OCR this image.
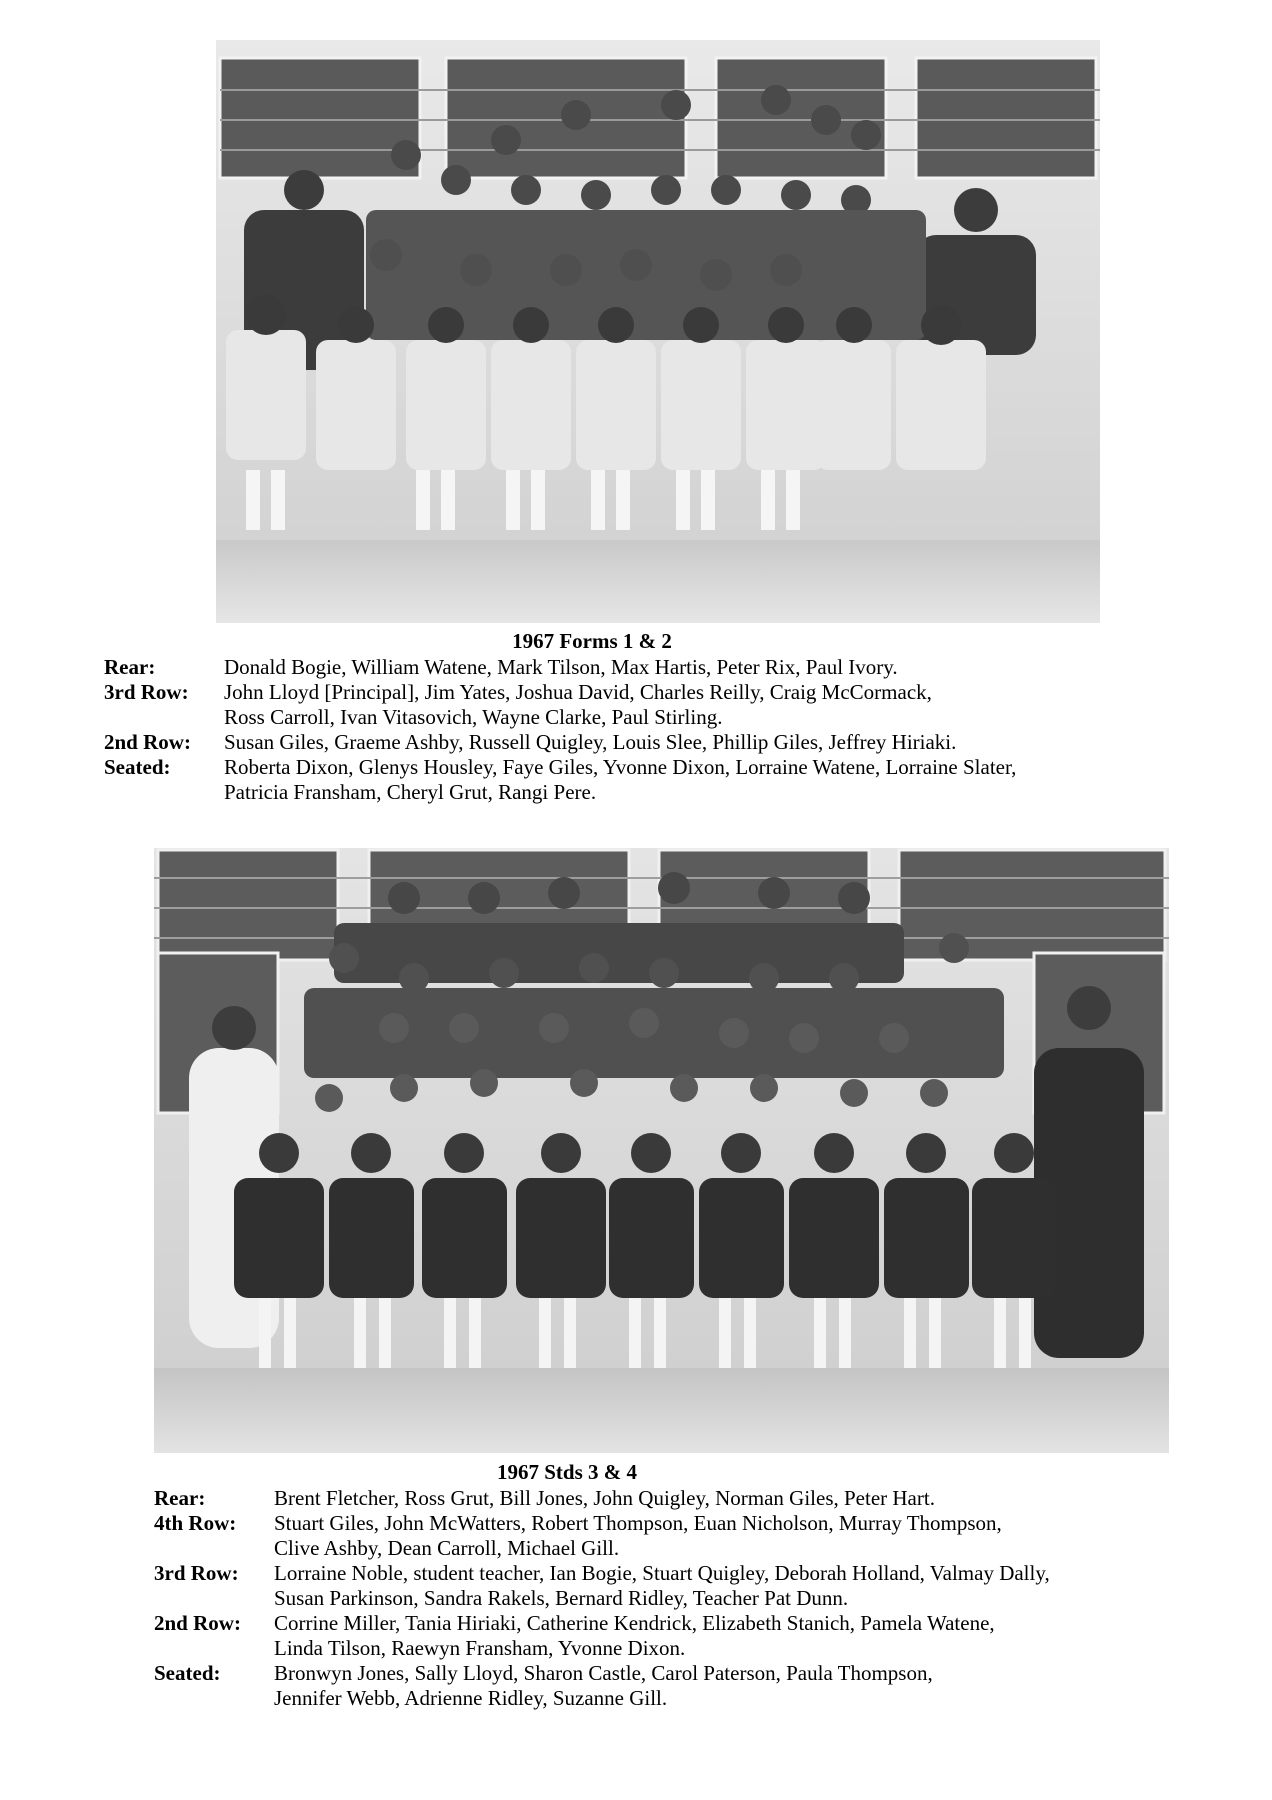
1967 Forms 1 & 2
Rear:	Donald Bogie, William Watene, Mark Tilson, Max Hartis, Peter Rix, Paul Ivory.
3rd Row:	John Lloyd [Principal], Jim Yates, Joshua David, Charles Reilly, Craig McCormack,
Ross Carroll, Ivan Vitasovich, Wayne Clarke, Paul Stirling.
2nd Row:	Susan Giles, Graeme Ashby, Russell Quigley, Louis Slee, Phillip Giles, Jeffrey Hiriaki.
Seated:	Roberta Dixon, Glenys Housley, Faye Giles, Yvonne Dixon, Lorraine Watene, Lorraine Slater,
Patricia Fransham, Cheryl Grut, Rangi Pere.
1967 Stds 3 & 4
Rear:	Brent Fletcher, Ross Grut, Bill Jones, John Quigley, Norman Giles, Peter Hart.
4th Row:	Stuart Giles, John McWatters, Robert Thompson, Euan Nicholson, Murray Thompson,
Clive Ashby, Dean Carroll, Michael Gill.
3rd Row:	Lorraine Noble, student teacher, Ian Bogie, Stuart Quigley, Deborah Holland, Valmay Dally,
Susan Parkinson, Sandra Rakels, Bernard Ridley, Teacher Pat Dunn.
2nd Row:	Corrine Miller, Tania Hiriaki, Catherine Kendrick, Elizabeth Stanich, Pamela Watene,
Linda Tilson, Raewyn Fransham, Yvonne Dixon.
Seated:	Bronwyn Jones, Sally Lloyd, Sharon Castle, Carol Paterson, Paula Thompson,
Jennifer Webb, Adrienne Ridley, Suzanne Gill.
